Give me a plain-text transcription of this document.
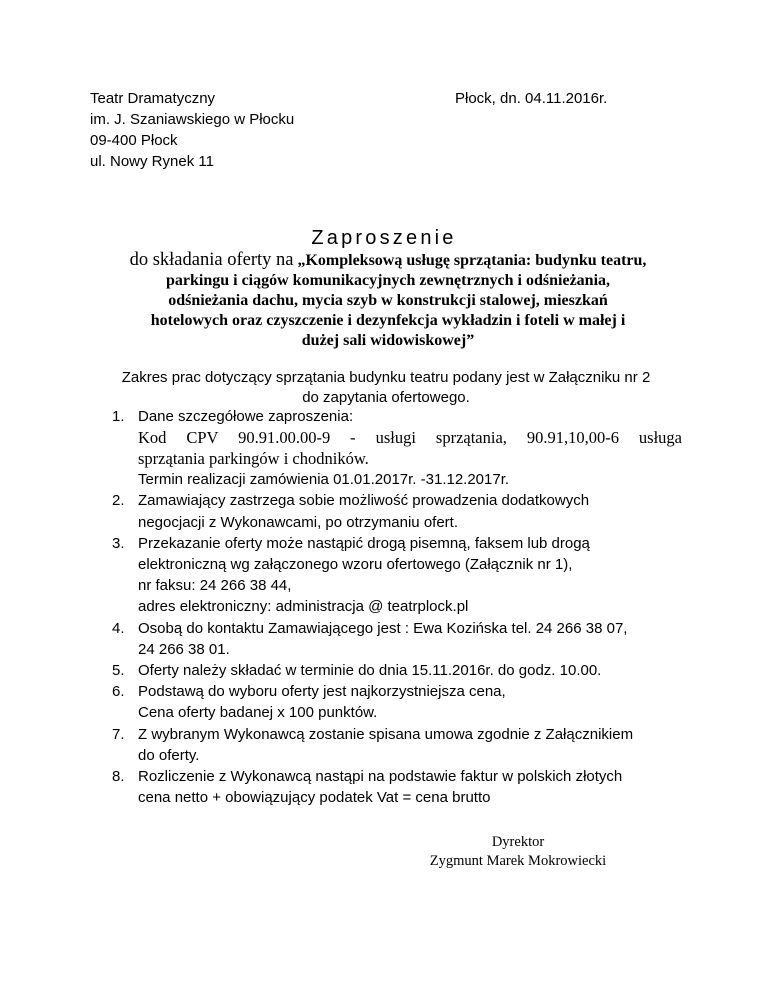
Teatr Dramatyczny
im. J. Szaniawskiego w Płocku
09-400 Płock
ul. Nowy Rynek 11
Płock, dn. 04.11.2016r.
Zaproszenie
do składania oferty na „Kompleksową usługę sprzątania: budynku teatru,
parkingu i ciągów komunikacyjnych zewnętrznych i odśnieżania,
odśnieżania dachu, mycia szyb w konstrukcji stalowej, mieszkań
hotelowych oraz czyszczenie i dezynfekcja wykładzin i foteli w małej i
dużej sali widowiskowej”
Zakres prac dotyczący sprzątania budynku teatru podany jest w Załączniku nr 2
do zapytania ofertowego.
1. Dane szczegółowe zaproszenia:
Kod CPV 90.91.00.00-9 - usługi sprzątania, 90.91,10,00-6 usługa
sprzątania parkingów i chodników.
Termin realizacji zamówienia 01.01.2017r. -31.12.2017r.
2. Zamawiający zastrzega sobie możliwość prowadzenia dodatkowych
negocjacji z Wykonawcami, po otrzymaniu ofert.
3. Przekazanie oferty może nastąpić drogą pisemną, faksem lub drogą
elektroniczną wg załączonego wzoru ofertowego (Załącznik nr 1),
nr faksu: 24 266 38 44,
adres elektroniczny: administracja @ teatrplock.pl
4. Osobą do kontaktu Zamawiającego jest : Ewa Kozińska tel. 24 266 38 07,
24 266 38 01.
5. Oferty należy składać w terminie do dnia 15.11.2016r. do godz. 10.00.
6. Podstawą do wyboru oferty jest najkorzystniejsza cena,
Cena oferty badanej x 100 punktów.
7. Z wybranym Wykonawcą zostanie spisana umowa zgodnie z Załącznikiem
do oferty.
8. Rozliczenie z Wykonawcą nastąpi na podstawie faktur w polskich złotych
cena netto + obowiązujący podatek Vat = cena brutto
Dyrektor
Zygmunt Marek Mokrowiecki
